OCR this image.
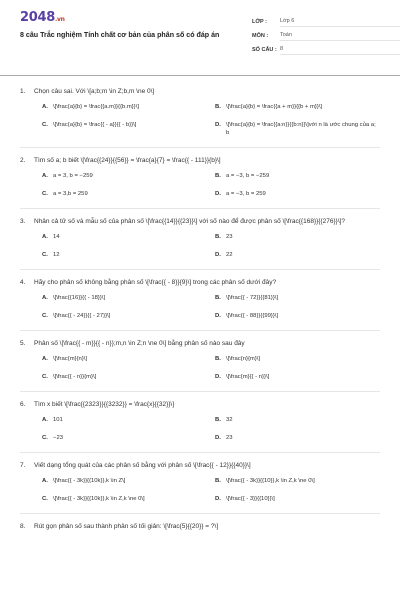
2048.vn
8 câu Trắc nghiệm Tính chất cơ bản của phân số có đáp án
LỚP :	Lớp 6
MÔN :	Toán
SỐ CÂU : 8
1.	Chọn câu sai. Với \[a;b;m \in Z;b,m \ne 0\]
A. \[\frac{a}{b} = \frac{{a.m}}{{b.m}}\]	B. \[\frac{a}{b} = \frac{{a + m}}{{b + m}}\]
C. \[\frac{a}{b} = \frac{{ - a}}{{ - b}}\]	D. \[\frac{a}{b} = \frac{{a:n}}{{b:n}}\]với n là ước chung của a; b
2.	Tìm số a; b biết \[\frac{{24}}{{56}} = \frac{a}{7} = \frac{{ - 111}}{b}\]
A. a = 3, b = −259	B. a = −3, b = −259
C. a = 3,b = 259	D. a = −3, b = 259
3.	Nhân cả tử số và mẫu số của phân số \[\frac{{14}}{{23}}\] với số nào để được phân số \[\frac{{168}}{{276}}\]?
A. 14	B. 23
C. 12	D. 22
4.	Hãy cho phân số không bằng phân số \[\frac{{ - 8}}{9}\] trong các phân số dưới đây?
A. \[\frac{{16}}{{ - 18}}\]	B. \[\frac{{ - 72}}{{81}}\]
C. \[\frac{{ - 24}}{{ - 27}}\]	D. \[\frac{{ - 88}}{{99}}\]
5.	Phân số \[\frac{{ - m}}{{ - n}};m,n \in Z;n \ne 0\] bằng phân số nào sau đây
A. \[\frac{m}{n}\]	B. \[\frac{n}{m}\]
C. \[\frac{{ - n}}{m}\]	D. \[\frac{m}{{ - n}}\]
6.	Tìm x biết \[\frac{{2323}}{{3232}} = \frac{x}{{32}}\]
A. 101	B. 32
C. −23	D. 23
7.	Viết dạng tổng quát của các phân số bằng với phân số \[\frac{{ - 12}}{{40}}\]
A. \[\frac{{ - 3k}}{{10k}},k \in Z\]	B. \[\frac{{ - 3k}}{{10}},k \in Z,k \ne 0\]
C. \[\frac{{ - 3k}}{{10k}},k \in Z,k \ne 0\]	D. \[\frac{{ - 3}}{{10}}\]
8.	Rút gọn phân số sau thành phân số tối giản: \[\frac{5}{{20}} = ?\]
